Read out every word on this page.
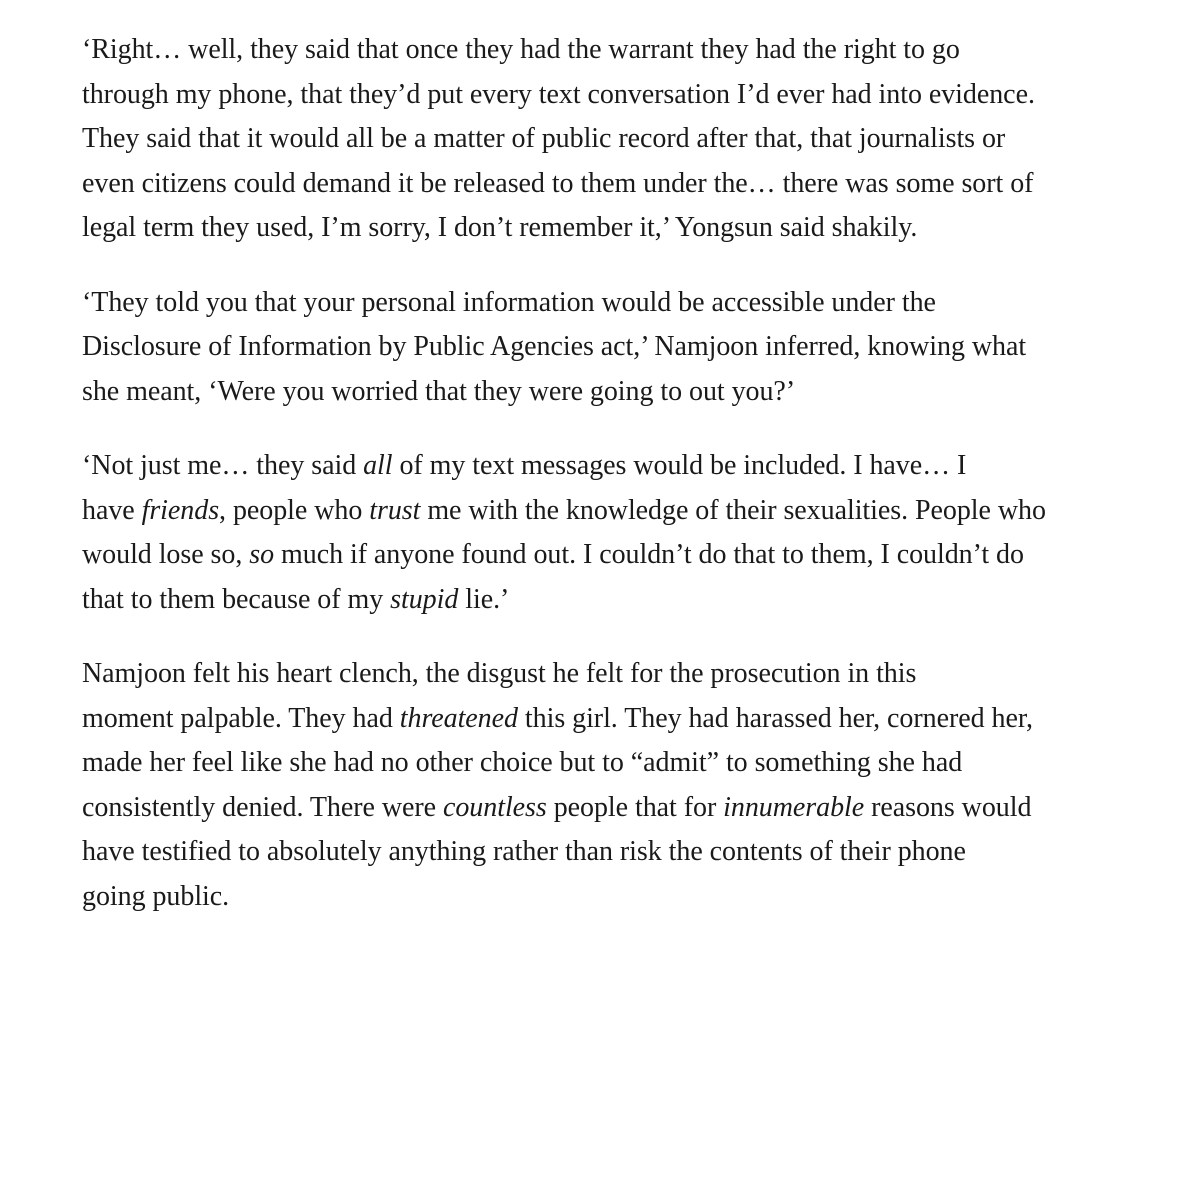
‘Right… well, they said that once they had the warrant they had the right to go
through my phone, that they’d put every text conversation I’d ever had into evidence.
They said that it would all be a matter of public record after that, that journalists or
even citizens could demand it be released to them under the… there was some sort of
legal term they used, I’m sorry, I don’t remember it,’ Yongsun said shakily.

‘They told you that your personal information would be accessible under the
Disclosure of Information by Public Agencies act,’ Namjoon inferred, knowing what
she meant, ‘Were you worried that they were going to out you?’

‘Not just me… they said all of my text messages would be included. I have… I
have friends, people who trust me with the knowledge of their sexualities. People who
would lose so, so much if anyone found out. I couldn’t do that to them, I couldn’t do
that to them because of my stupid lie.’

Namjoon felt his heart clench, the disgust he felt for the prosecution in this
moment palpable. They had threatened this girl. They had harassed her, cornered her,
made her feel like she had no other choice but to “admit” to something she had
consistently denied. There were countless people that for innumerable reasons would
have testified to absolutely anything rather than risk the contents of their phone
going public.
